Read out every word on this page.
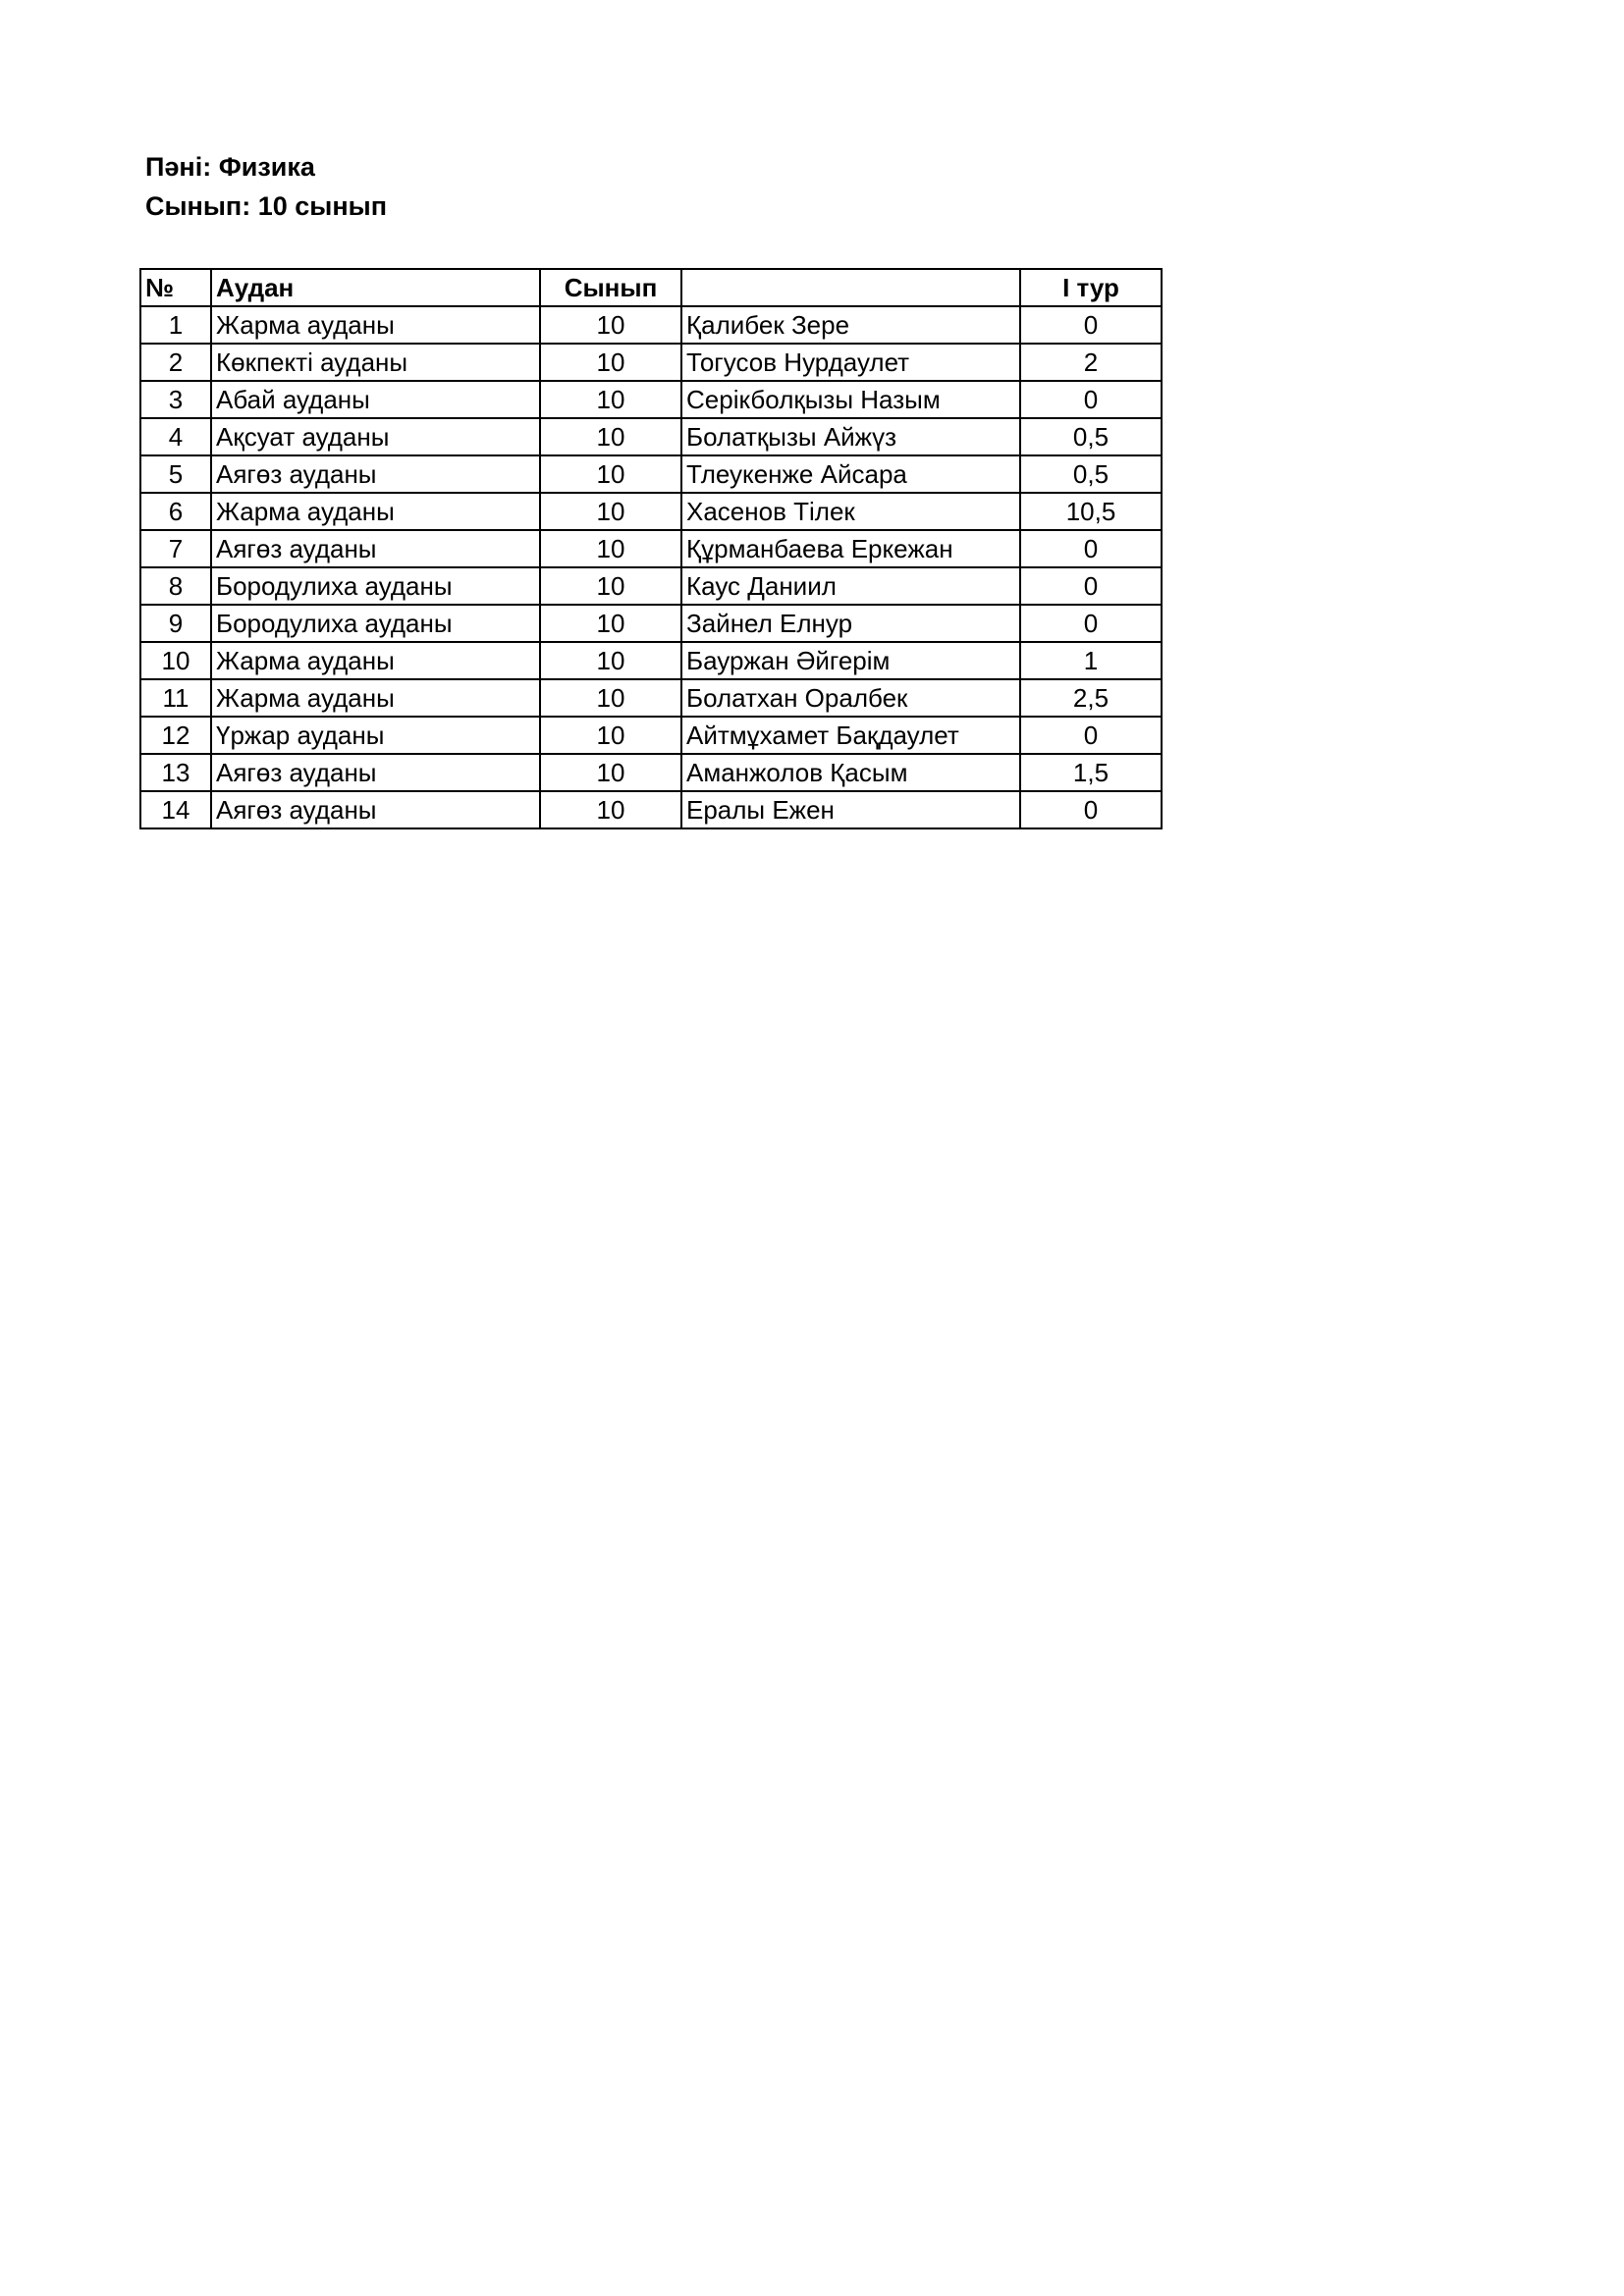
Пәні: Физика
Сынып: 10 сынып
№	Аудан	Сынып		I тур
1	Жарма ауданы	10	Қалибек Зере	0
2	Көкпекті ауданы	10	Тогусов Нурдаулет	2
3	Абай ауданы	10	Серікболқызы Назым	0
4	Ақсуат ауданы	10	Болатқызы Айжүз	0,5
5	Аягөз ауданы	10	Тлеукенже Айсара	0,5
6	Жарма ауданы	10	Хасенов Тілек	10,5
7	Аягөз ауданы	10	Құрманбаева Еркежан	0
8	Бородулиха ауданы	10	Каус Даниил	0
9	Бородулиха ауданы	10	Зайнел Елнур	0
10	Жарма ауданы	10	Бауржан Әйгерім	1
11	Жарма ауданы	10	Болатхан Оралбек	2,5
12	Үржар ауданы	10	Айтмұхамет Бақдаулет	0
13	Аягөз ауданы	10	Аманжолов Қасым	1,5
14	Аягөз ауданы	10	Ералы Ежен	0
